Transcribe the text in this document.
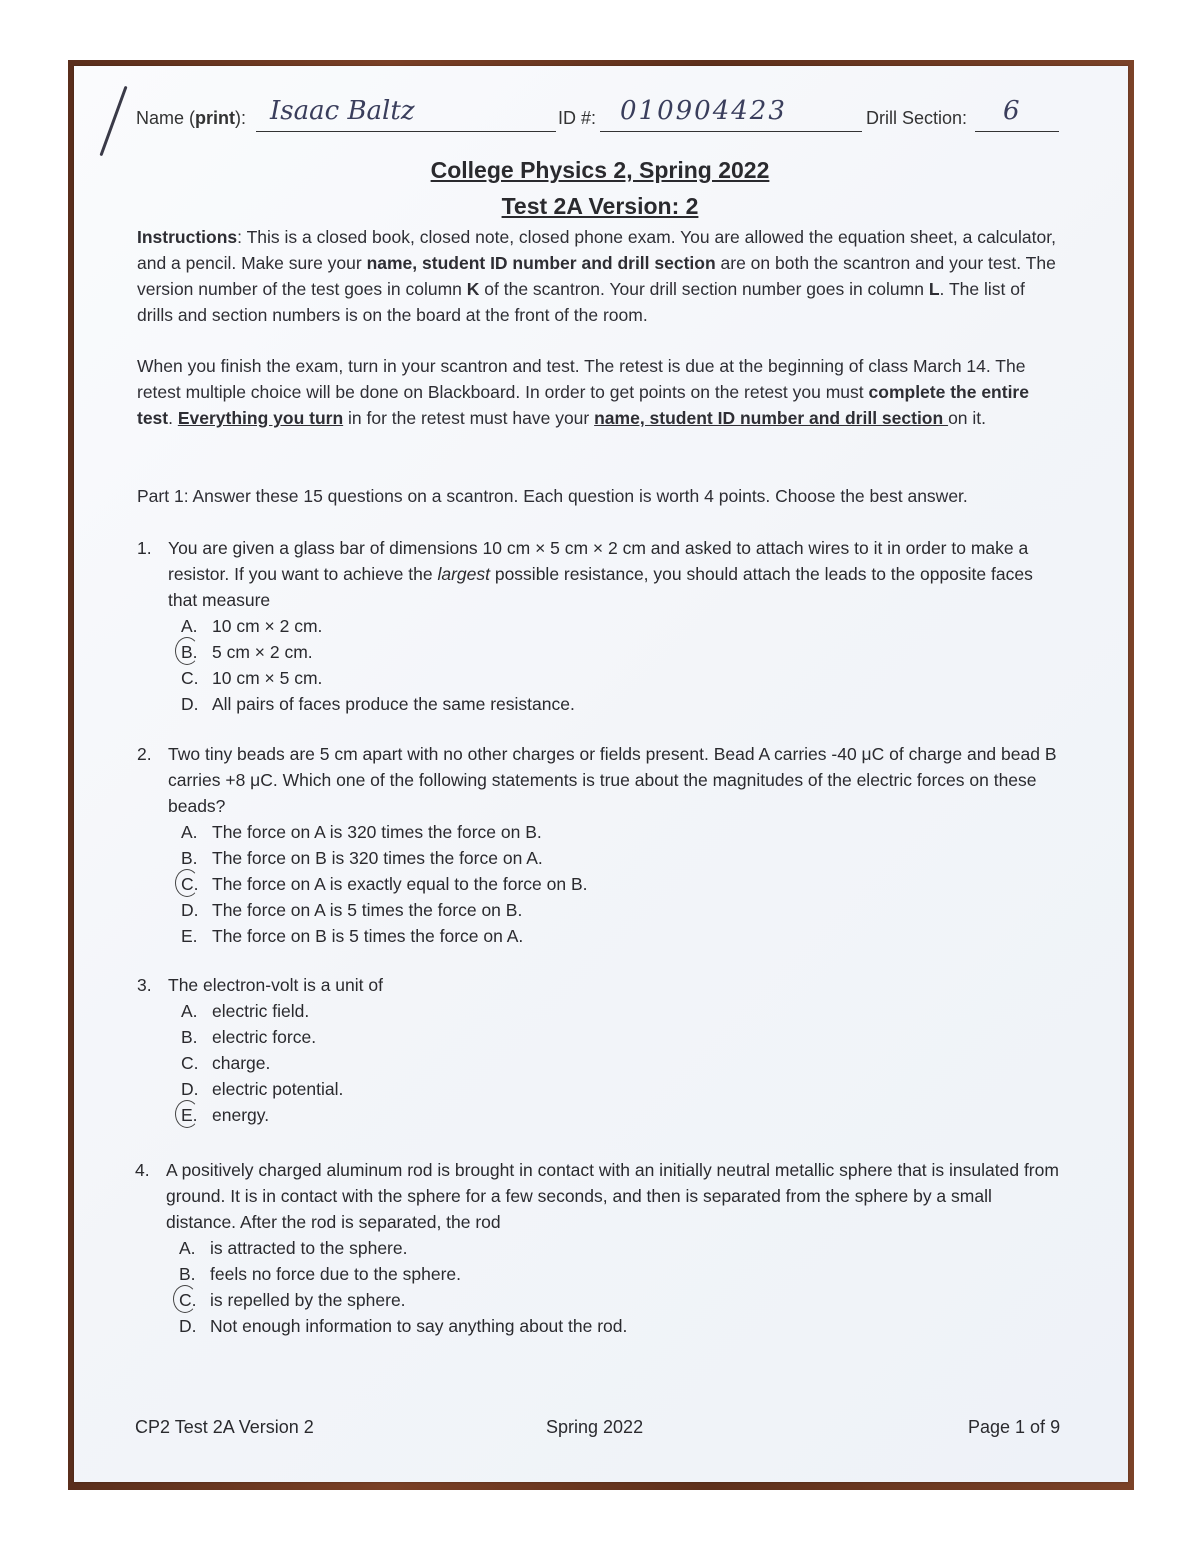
Name (print): Isaac Baltz	ID #: 010904423	Drill Section: 6
College Physics 2, Spring 2022
Test 2A Version: 2
Instructions: This is a closed book, closed note, closed phone exam. You are allowed the equation sheet, a calculator, and a pencil. Make sure your name, student ID number and drill section are on both the scantron and your test. The version number of the test goes in column K of the scantron. Your drill section number goes in column L. The list of drills and section numbers is on the board at the front of the room.
When you finish the exam, turn in your scantron and test. The retest is due at the beginning of class March 14. The retest multiple choice will be done on Blackboard. In order to get points on the retest you must complete the entire test. Everything you turn in for the retest must have your name, student ID number and drill section on it.
Part 1: Answer these 15 questions on a scantron. Each question is worth 4 points. Choose the best answer.
1. You are given a glass bar of dimensions 10 cm × 5 cm × 2 cm and asked to attach wires to it in order to make a resistor. If you want to achieve the largest possible resistance, you should attach the leads to the opposite faces that measure
A. 10 cm × 2 cm.
B. 5 cm × 2 cm.
C. 10 cm × 5 cm.
D. All pairs of faces produce the same resistance.
2. Two tiny beads are 5 cm apart with no other charges or fields present. Bead A carries -40 μC of charge and bead B carries +8 μC. Which one of the following statements is true about the magnitudes of the electric forces on these beads?
A. The force on A is 320 times the force on B.
B. The force on B is 320 times the force on A.
C. The force on A is exactly equal to the force on B.
D. The force on A is 5 times the force on B.
E. The force on B is 5 times the force on A.
3. The electron-volt is a unit of
A. electric field.
B. electric force.
C. charge.
D. electric potential.
E. energy.
4. A positively charged aluminum rod is brought in contact with an initially neutral metallic sphere that is insulated from ground. It is in contact with the sphere for a few seconds, and then is separated from the sphere by a small distance. After the rod is separated, the rod
A. is attracted to the sphere.
B. feels no force due to the sphere.
C. is repelled by the sphere.
D. Not enough information to say anything about the rod.
CP2 Test 2A Version 2	Spring 2022	Page 1 of 9
